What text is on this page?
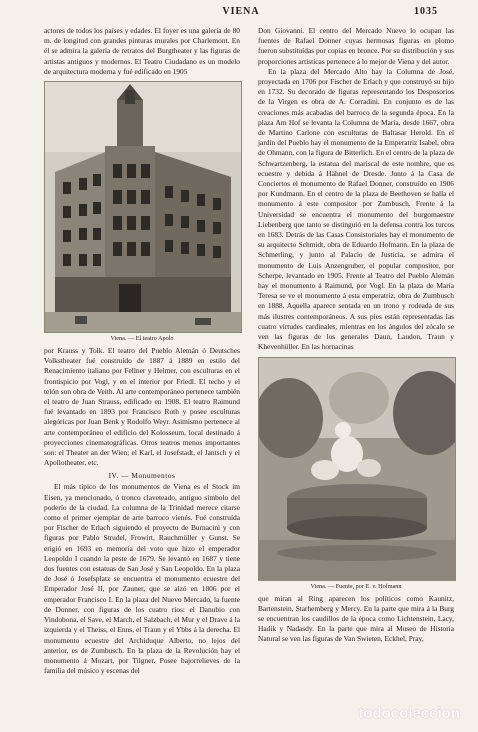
VIENA	1035

actores de todos los países y edades. El foyer es una galería de 80 m. de longitud con grandes pinturas murales por Charlemont. En él se admira la galería de retratos del Burgtheater y las figuras de artistas antiguos y modernos. El Teatro Ciudadano es un modelo de arquitectura moderna y fué edificado en 1905

Viena. — El teatro Apolo

por Krauss y Tolk. El teatro del Pueblo Alemán ó Deutsches Volkstheater fué construído de 1887 á 1889 en estilo del Renacimiento italiano por Fellner y Helmer, con esculturas en el frontispicio por Vogl, y en el interior por Friedl. El techo y el telón son obra de Veith. Al arte contemporáneo pertenece también el teatro de Juan Strauss, edificado en 1908. El teatro Raimund fué levantado en 1893 por Francisco Roth y posee esculturas alegóricas por Juan Benk y Rodolfo Weyr. Asimismo pertenece al arte contemporáneo el edificio del Kolosseum, local destinado á proyecciones cinematográficas. Otros teatros menos importantes son: el Theater an der Wien; el Karl, el Josefstadt, el Jantsch y el Apollotheater, etc.

IV. — Monumentos

El más típico de los monumentos de Viena es el Stock im Eisen, ya mencionado, ó tronco claveteado, antiguo símbolo del poderío de la ciudad. La columna de la Trinidad merece citarse como el primer ejemplar de arte barroco vienés. Fué construída por Fischer de Erlach siguiendo el proyecto de Burnacini y con figuras por Pablo Strudel, Frowirt, Rauchmüller y Gunst. Se erigió en 1693 en memoria del voto que hizo el emperador Leopoldo I cuando la peste de 1679. Se levantó en 1687 y tiene dos fuentes con estatuas de San José y San Leopoldo. En la plaza de José ó Josefsplatz se encuentra el monumento ecuestre del Emperador José II, por Zauner, que se alzó en 1806 por el emperador Francisco I. En la plaza del Nuevo Mercado, la fuente de Donner, con figuras de los cuatro ríos: el Danubio con Vindobona, el Save, el March, el Salzbach, el Mur y el Drave á la izquierda y el Theiss, el Enns, el Traun y el Ybbs á la derecha. El monumento ecuestre del Archiduque Alberto, no lejos del anterior, es de Zumbusch. En la plaza de la Revolución hay el monumento á Mozart, por Tilgner. Posee bajorrelieves de la familia del músico y escenas del

Don Giovanni. El centro del Mercado Nuevo lo ocupan las fuentes de Rafael Donner cuyas hermosas figuras en plomo fueron substituídas por copias en bronce. Por su distribución y sus proporciones artísticas pertenece á lo mejor de Viena y del autor.

En la plaza del Mercado Alto hay la Columna de José, proyectada en 1706 por Fischer de Erlach y que construyó su hijo en 1732. Su decorado de figuras representando los Desposorios de la Virgen es obra de A. Corradini. En conjunto es de las creaciones más acabadas del barroco de la segunda época. En la plaza Am Hof se levanta la Columna de María, desde 1667, obra de Martino Carlone con esculturas de Baltasar Herold. En el jardín del Pueblo hay el monumento de la Emperatriz Isabel, obra de Ohmann, con la figura de Bitterlich. En el centro de la plaza de Schwartzenberg, la estatua del mariscal de este nombre, que es ecuestre y debida á Hähnel de Dresde. Junto á la Casa de Conciertos el monumento de Rafael Donner, construído en 1906 por Kundmann. En el centro de la plaza de Beethoven se halla el monumento á este compositor por Zumbusch. Frente á la Universidad se encuentra el monumento del burgomaestre Liebenberg que tanto se distinguió en la defensa contra los turcos en 1683. Detrás de las Casas Consistoriales hay el monumento de su arquitecto Schmidt, obra de Eduardo Hofmann. En la plaza de Schmerling, y junto al Palacio de Justicia, se admira el monumento de Luis Anzengruber, el popular compositor, por Scherpe, levantado en 1905. Frente al Teatro del Pueblo Alemán hay el monumento á Raimund, por Vogl. En la plaza de María Teresa se ve el monumento á esta emperatriz, obra de Zumbusch en 1888. Aquella aparece sentada en un trono y rodeada de sus más ilustres contemporáneos. A sus pies están representadas las cuatro virtudes cardinales, mientras en los ángulos del zócalo se ven las figuras de los generales Daun, Laudon, Traun y Khevenhüller. En las hornacinas

Viena. — Fuente, por E. v. Hofmann

que miran al Ring aparecen los políticos como Kaunitz, Bartenstein, Starhemberg y Mercy. En la parte que mira á la Burg se encuentran los caudillos de la época como Lichtenstein, Lacy, Hadik y Nadasdy. En la parte que mira al Museo de Historia Natural se ven las figuras de Van Swieten, Eckhel, Pray,

todocoleccion
